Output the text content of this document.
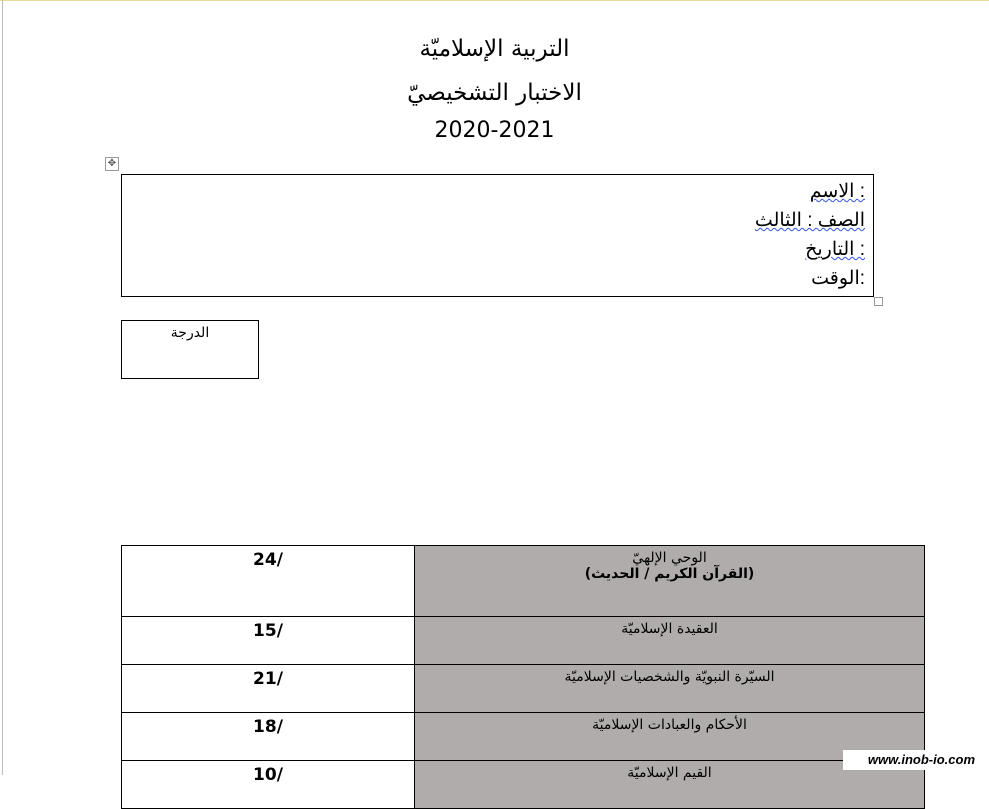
التربية الإسلاميّة
الاختبار التشخيصيّ
2020-2021
✥
: الاسم
الصف : الثالث
: التاريخ
:الوقت
الدرجة
/24	الوحي الإلهيّ
(القرآن الكريم / الحديث)

/15	العقيدة الإسلاميّة
/21	السيّرة النبويّة والشخصيات الإسلاميّة
/18	الأحكام والعبادات الإسلاميّة
/10	القيم الإسلاميّة
www.inob-io.com
